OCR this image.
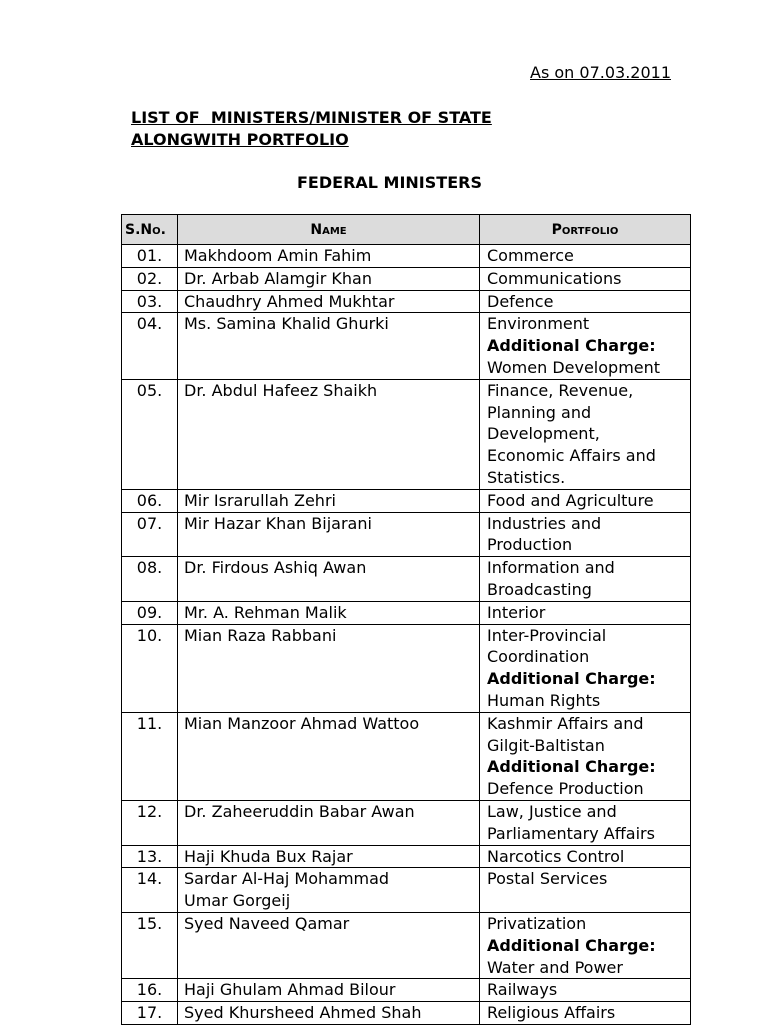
As on 07.03.2011
LIST OF  MINISTERS/MINISTER OF STATE
ALONGWITH PORTFOLIO
FEDERAL MINISTERS
S.No.	Name	Portfolio
01.	Makhdoom Amin Fahim	Commerce

02.	Dr. Arbab Alamgir Khan	Communications

03.	Chaudhry Ahmed Mukhtar	Defence

04.	Ms. Samina Khalid Ghurki	Environment
Additional Charge:
Women Development

05.	Dr. Abdul Hafeez Shaikh	Finance, Revenue,
Planning and
Development,
Economic Affairs and
Statistics.

06.	Mir Israrullah Zehri	Food and Agriculture

07.	Mir Hazar Khan Bijarani	Industries and
Production

08.	Dr. Firdous Ashiq Awan	Information and
Broadcasting

09.	Mr. A. Rehman Malik	Interior

10.	Mian Raza Rabbani	Inter-Provincial
Coordination
Additional Charge:
Human Rights

11.	Mian Manzoor Ahmad Wattoo	Kashmir Affairs and
Gilgit-Baltistan
Additional Charge:
Defence Production

12.	Dr. Zaheeruddin Babar Awan	Law, Justice and
Parliamentary Affairs

13.	Haji Khuda Bux Rajar	Narcotics Control

14.	Sardar Al-Haj Mohammad
Umar Gorgeij	Postal Services

15.	Syed Naveed Qamar	Privatization
Additional Charge:
Water and Power

16.	Haji Ghulam Ahmad Bilour	Railways

17.	Syed Khursheed Ahmed Shah	Religious Affairs
